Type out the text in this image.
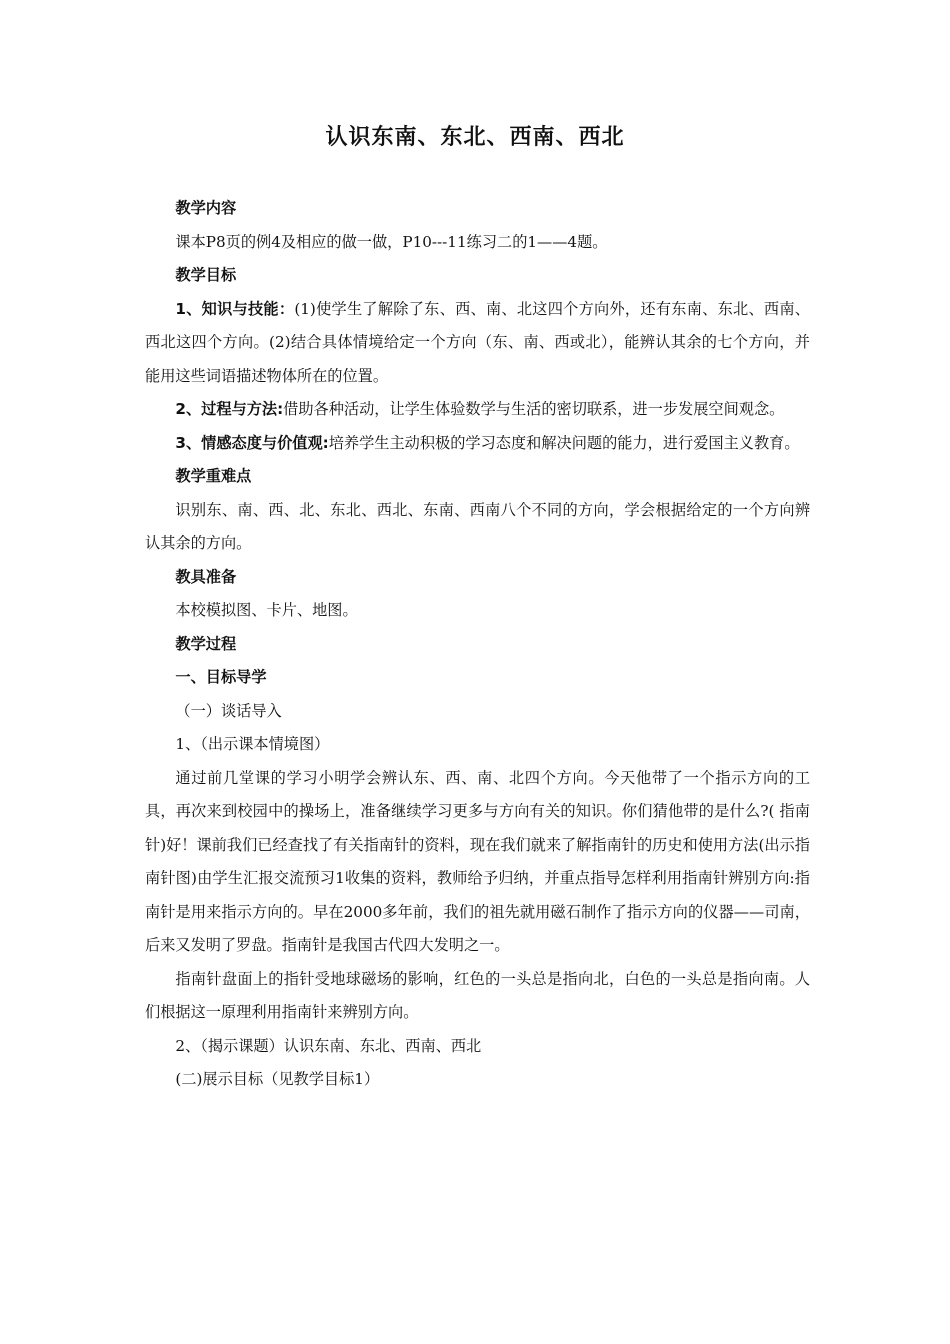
认识东南、东北、西南、西北

教学内容

课本P8页的例4及相应的做一做，P10---11练习二的1——4题。

教学目标

1、知识与技能：(1)使学生了解除了东、西、南、北这四个方向外，还有东南、东北、西南、西北这四个方向。(2)结合具体情境给定一个方向（东、南、西或北），能辨认其余的七个方向，并能用这些词语描述物体所在的位置。

2、过程与方法:借助各种活动，让学生体验数学与生活的密切联系，进一步发展空间观念。

3、情感态度与价值观:培养学生主动积极的学习态度和解决问题的能力，进行爱国主义教育。

教学重难点

识别东、南、西、北、东北、西北、东南、西南八个不同的方向，学会根据给定的一个方向辨认其余的方向。

教具准备

本校模拟图、卡片、地图。

教学过程

一、目标导学

（一）谈话导入

1、（出示课本情境图）

通过前几堂课的学习小明学会辨认东、西、南、北四个方向。今天他带了一个指示方向的工具，再次来到校园中的操场上，准备继续学习更多与方向有关的知识。你们猜他带的是什么?( 指南针)好！课前我们已经查找了有关指南针的资料，现在我们就来了解指南针的历史和使用方法(出示指南针图)由学生汇报交流预习1收集的资料，教师给予归纳，并重点指导怎样利用指南针辨别方向:指南针是用来指示方向的。早在2000多年前，我们的祖先就用磁石制作了指示方向的仪器——司南，后来又发明了罗盘。指南针是我国古代四大发明之一。

指南针盘面上的指针受地球磁场的影响，红色的一头总是指向北，白色的一头总是指向南。人们根据这一原理利用指南针来辨别方向。

2、（揭示课题）认识东南、东北、西南、西北

(二)展示目标（见教学目标1）
